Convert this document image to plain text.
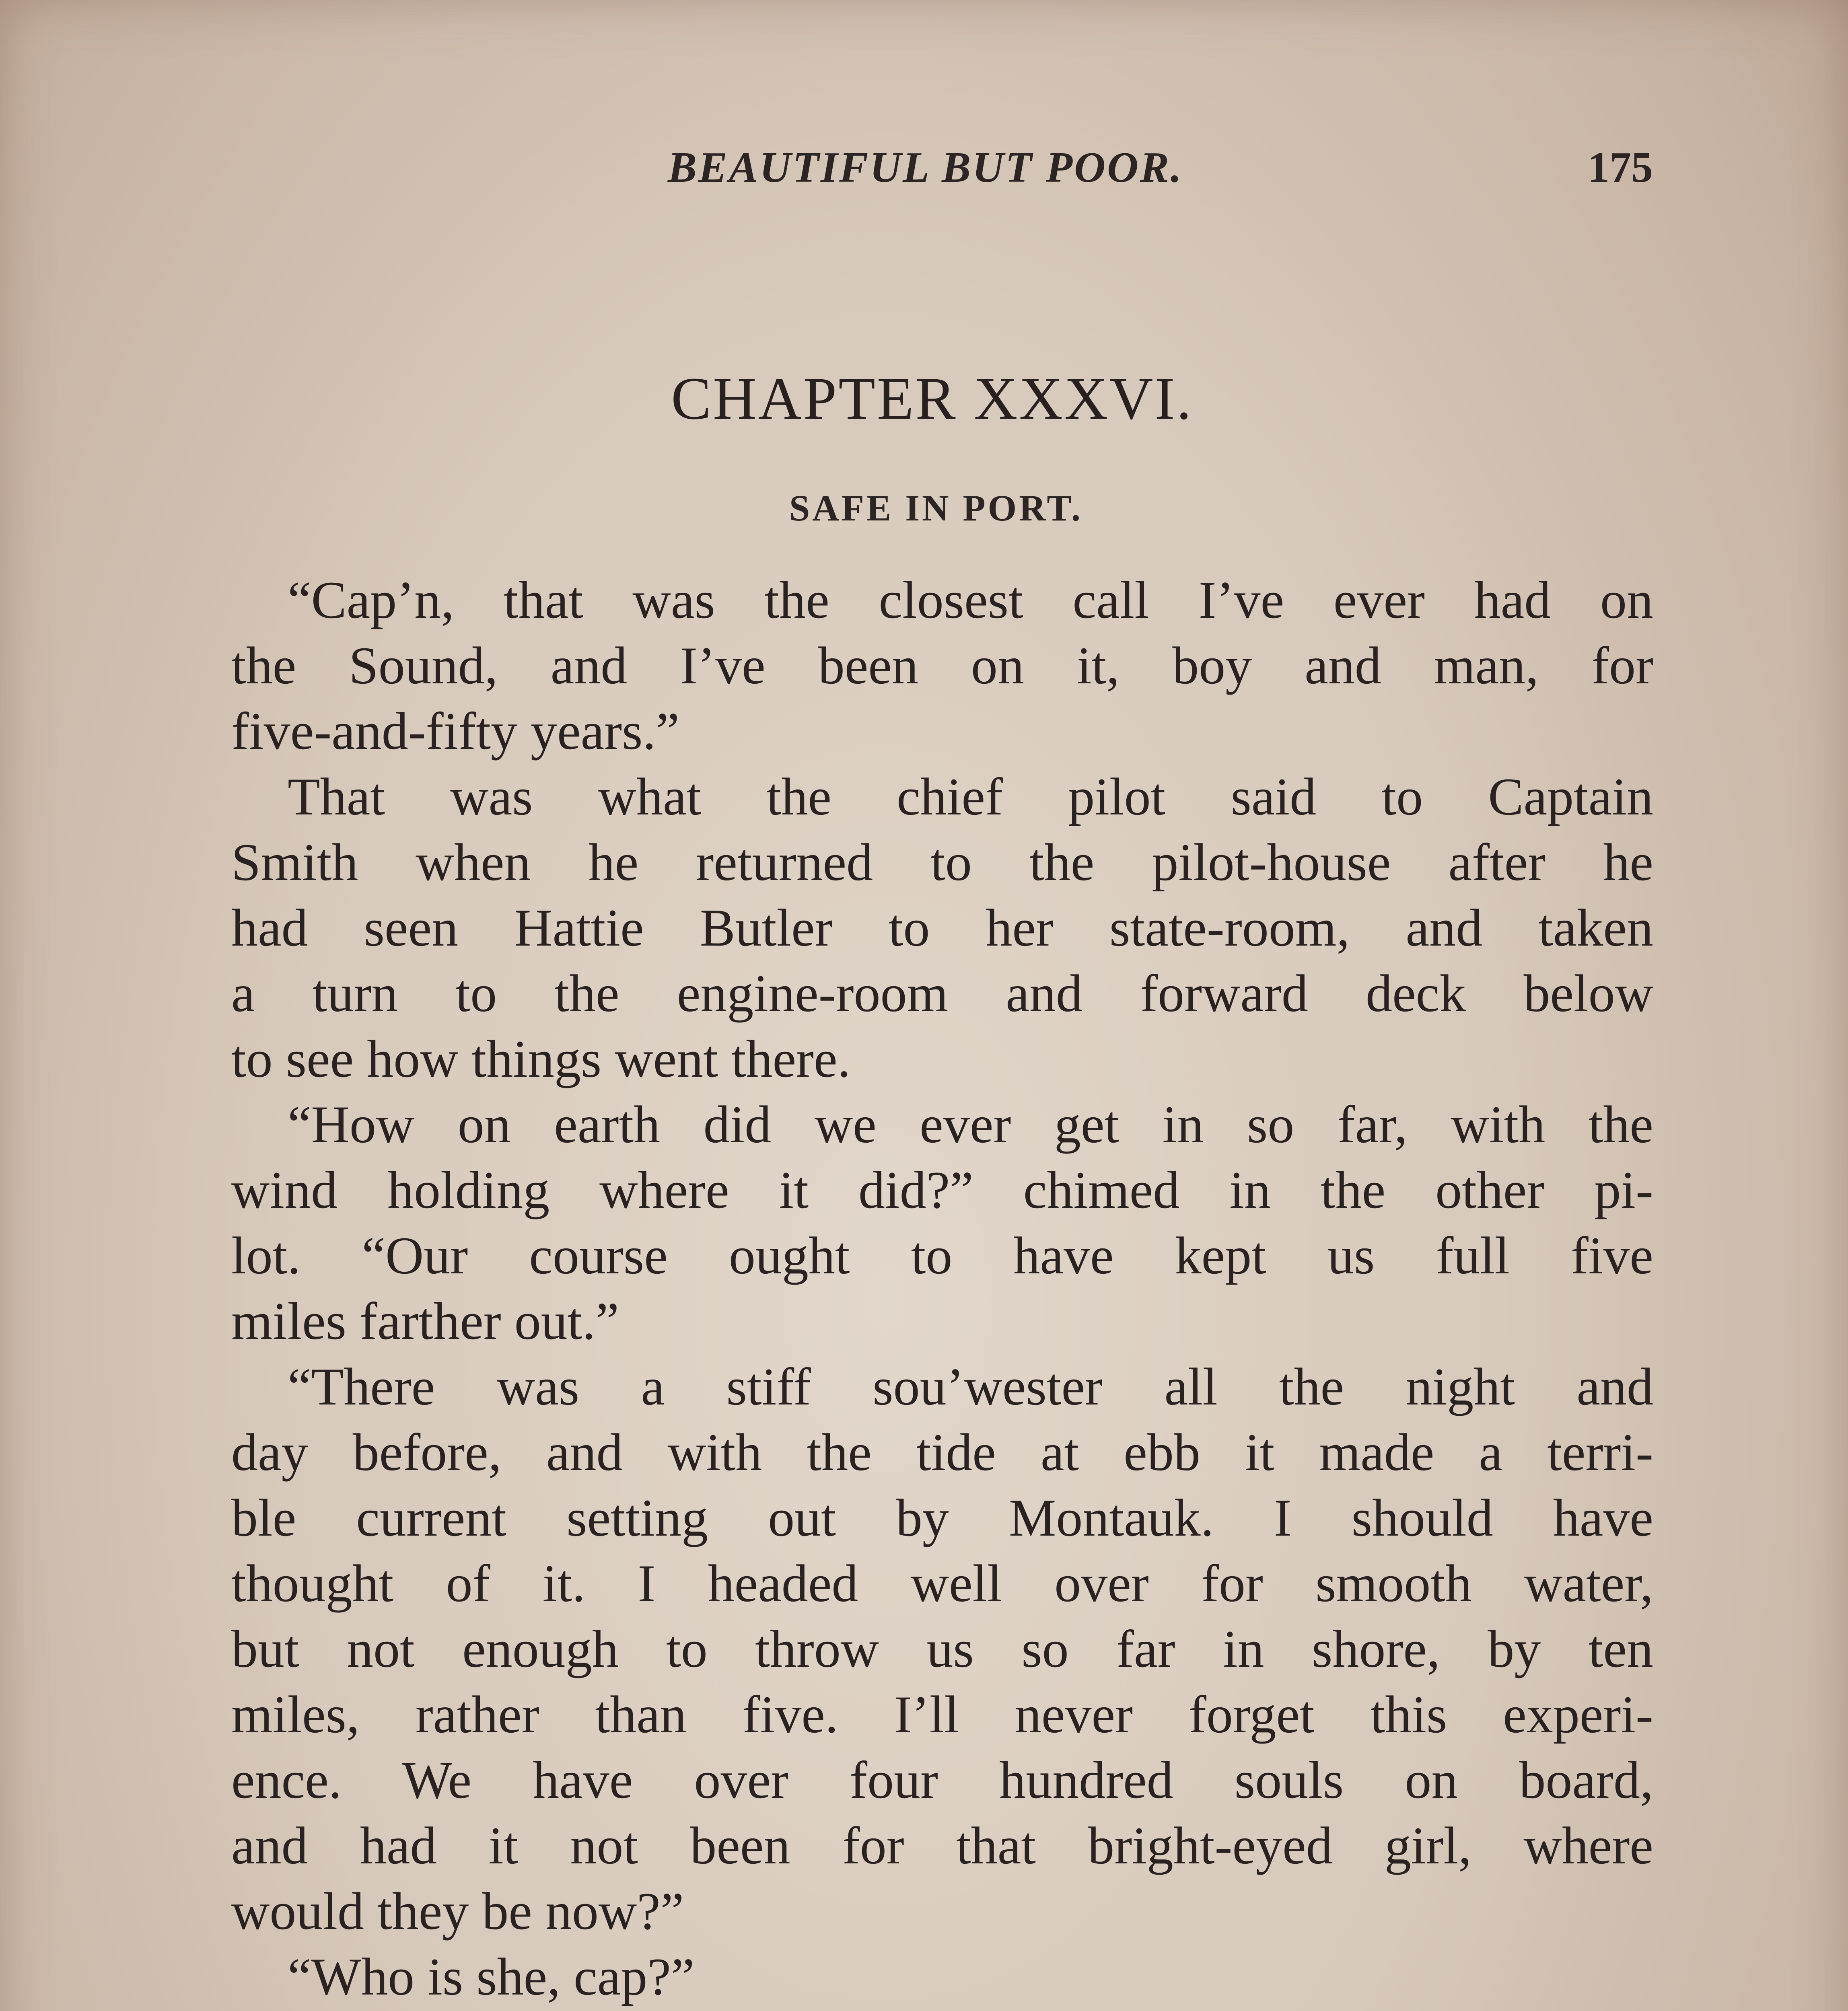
BEAUTIFUL BUT POOR.	175
CHAPTER XXXVI.
SAFE IN PORT.
“Cap’n, that was the closest call I’ve ever had on
the Sound, and I’ve been on it, boy and man, for
five-and-fifty years.”
That was what the chief pilot said to Captain
Smith when he returned to the pilot-house after he
had seen Hattie Butler to her state-room, and taken
a turn to the engine-room and forward deck below
to see how things went there.
“How on earth did we ever get in so far, with the
wind holding where it did?” chimed in the other pi-
lot. “Our course ought to have kept us full five
miles farther out.”
“There was a stiff sou’wester all the night and
day before, and with the tide at ebb it made a terri-
ble current setting out by Montauk. I should have
thought of it. I headed well over for smooth water,
but not enough to throw us so far in shore, by ten
miles, rather than five. I’ll never forget this experi-
ence. We have over four hundred souls on board,
and had it not been for that bright-eyed girl, where
would they be now?”
“Who is she, cap?”
